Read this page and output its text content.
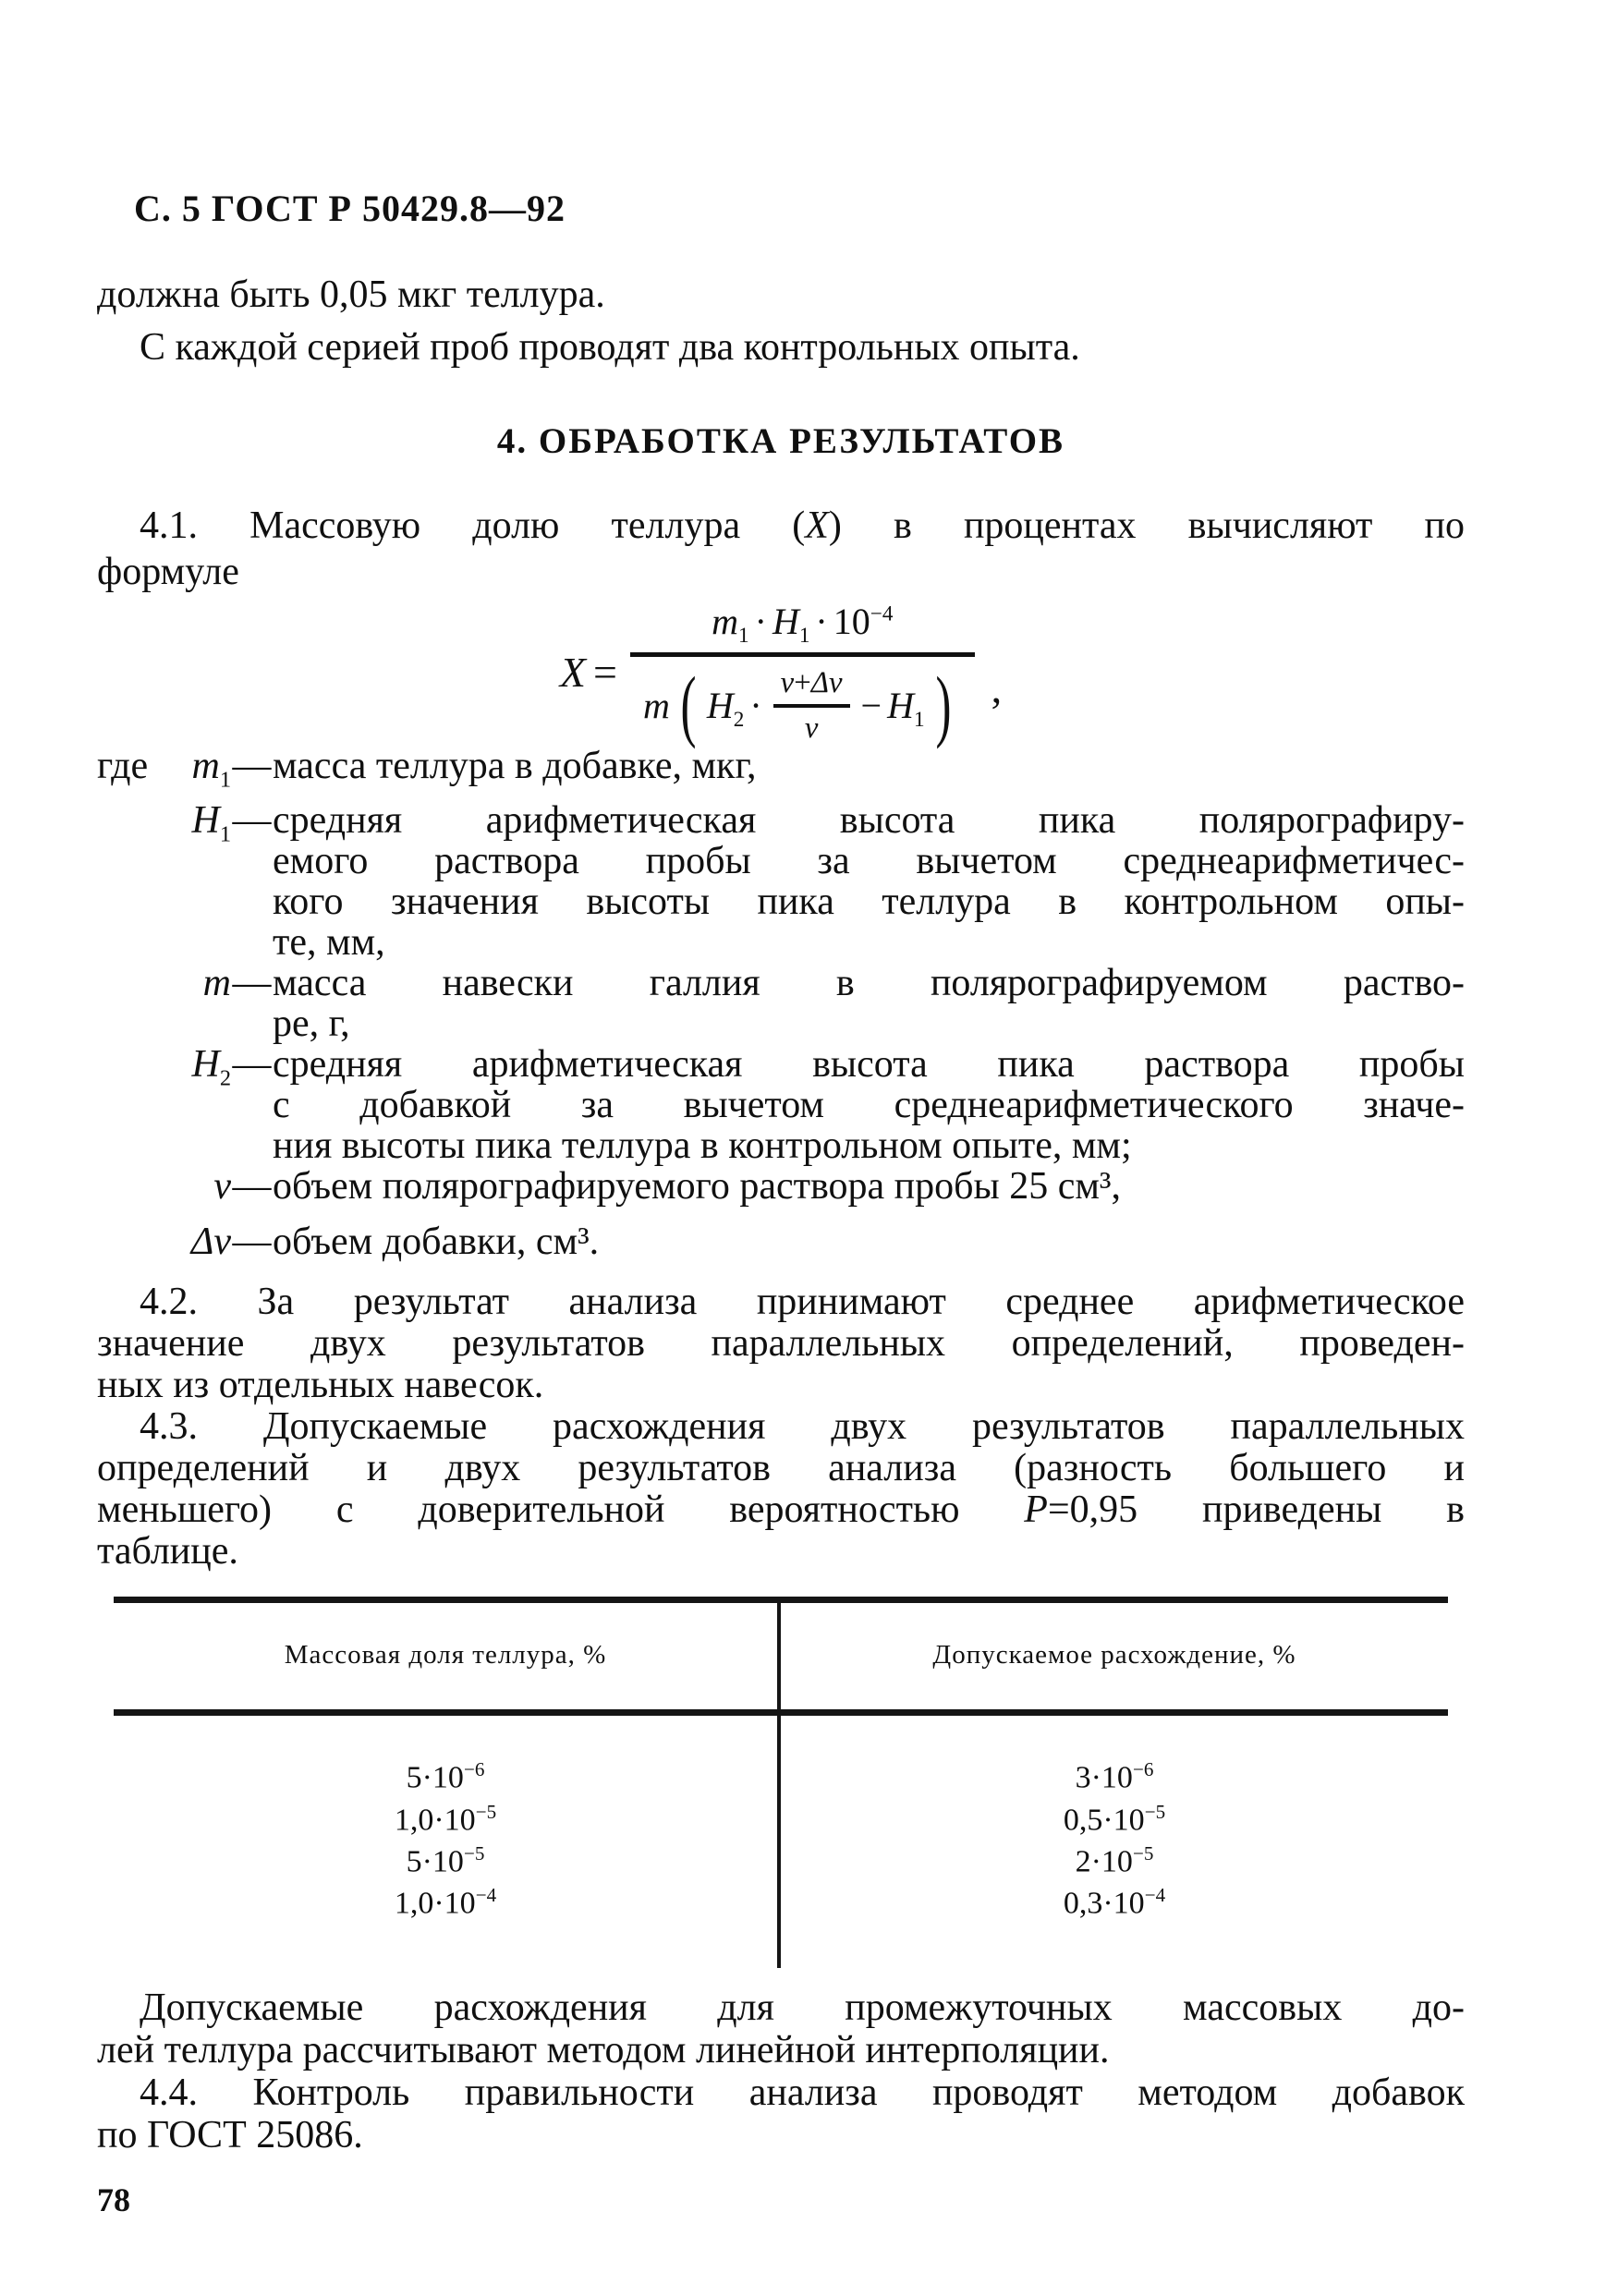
С. 5 ГОСТ Р 50429.8—92
должна быть 0,05 мкг теллура.
С каждой серией проб проводят два контрольных опыта.
4. ОБРАБОТКА РЕЗУЛЬТАТОВ
4.1. Массовую долю теллура (X) в процентах вычисляют по
формуле
X =
$m_1 \cdot H_1 \cdot 10^{-4}$
m ( $H_2 \cdot \frac{v+\Delta v}{v} - H_1$ ) ,
где	$m_1$ — масса теллура в добавке, мкг,
$H_1$ — средняя арифметическая высота пика полярографиру-
емого раствора пробы за вычетом среднеарифметичес-
кого значения высоты пика теллура в контрольном опы-
те, мм,
m — масса навески галлия в полярографируемом раство-
ре, г,
$H_2$ — средняя арифметическая высота пика раствора пробы
с добавкой за вычетом среднеарифметического значе-
ния высоты пика теллура в контрольном опыте, мм;
v — объем полярографируемого раствора пробы 25 см³,
Δv — объем добавки, см³.
4.2. За результат анализа принимают среднее арифметическое
значение двух результатов параллельных определений, проведен-
ных из отдельных навесок.
4.3. Допускаемые расхождения двух результатов параллельных
определений и двух результатов анализа (разность большего и
меньшего) с доверительной вероятностью P=0,95 приведены в
таблице.
Массовая доля теллура, %	Допускаемое расхождение, %
$5\cdot 10^{-6}$
$1,0\cdot 10^{-5}$
$5\cdot 10^{-5}$
$1,0\cdot 10^{-4}$
$3\cdot 10^{-6}$
$0,5\cdot 10^{-5}$
$2\cdot 10^{-5}$
$0,3\cdot 10^{-4}$
Допускаемые расхождения для промежуточных массовых до-
лей теллура рассчитывают методом линейной интерполяции.
4.4. Контроль правильности анализа проводят методом добавок
по ГОСТ 25086.
78
